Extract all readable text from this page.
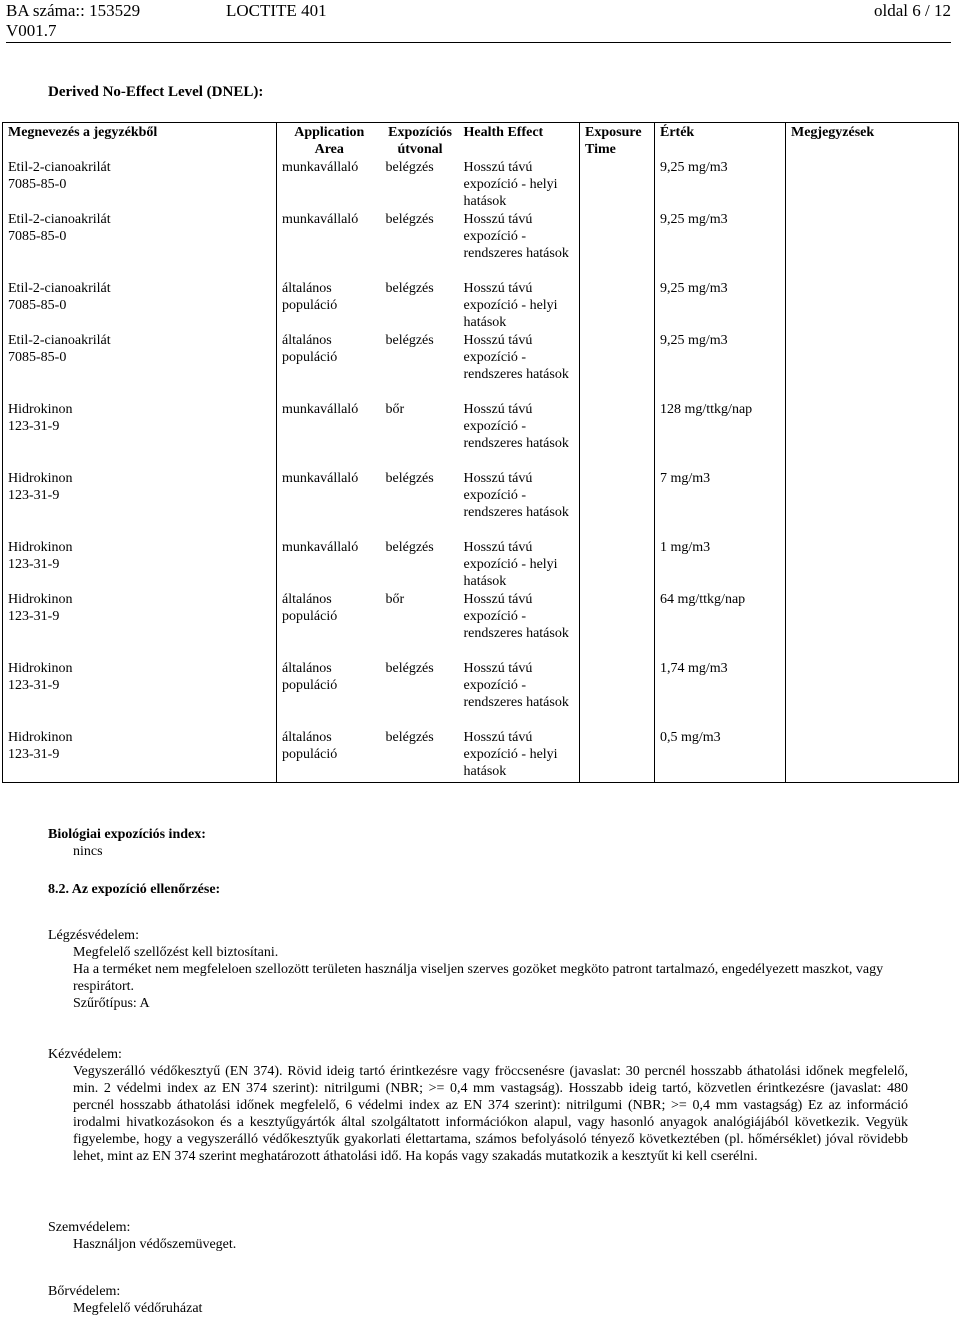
BA száma:: 153529	LOCTITE 401	oldal 6 / 12
V001.7
Derived No-Effect Level (DNEL):
Megnevezés a jegyzékből	Application Area	Expozíciós útvonal	Health Effect	Exposure Time	Érték	Megjegyzések

Etil-2-cianoakrilát
7085-85-0	munkavállaló	belégzés	Hosszú távú expozíció - helyi hatások		9,25 mg/m3	

Etil-2-cianoakrilát
7085-85-0	munkavállaló	belégzés	Hosszú távú expozíció - rendszeres hatások		9,25 mg/m3	

Etil-2-cianoakrilát
7085-85-0	általános populáció	belégzés	Hosszú távú expozíció - helyi hatások		9,25 mg/m3	

Etil-2-cianoakrilát
7085-85-0	általános populáció	belégzés	Hosszú távú expozíció - rendszeres hatások		9,25 mg/m3	

Hidrokinon
123-31-9	munkavállaló	bőr	Hosszú távú expozíció - rendszeres hatások		128 mg/ttkg/nap	

Hidrokinon
123-31-9	munkavállaló	belégzés	Hosszú távú expozíció - rendszeres hatások		7 mg/m3	

Hidrokinon
123-31-9	munkavállaló	belégzés	Hosszú távú expozíció - helyi hatások		1 mg/m3	

Hidrokinon
123-31-9	általános populáció	bőr	Hosszú távú expozíció - rendszeres hatások		64 mg/ttkg/nap	

Hidrokinon
123-31-9	általános populáció	belégzés	Hosszú távú expozíció - rendszeres hatások		1,74 mg/m3	

Hidrokinon
123-31-9	általános populáció	belégzés	Hosszú távú expozíció - helyi hatások		0,5 mg/m3	
Biológiai expozíciós index:
nincs
8.2. Az expozíció ellenőrzése:
Légzésvédelem:
Megfelelő szellőzést kell biztosítani.
Ha a terméket nem megfeleloen szellozött területen használja viseljen szerves gozöket megköto patront tartalmazó, engedélyezett maszkot, vagy respirátort.
Szűrőtípus: A
Kézvédelem:
Vegyszerálló védőkesztyű (EN 374). Rövid ideig tartó érintkezésre vagy fröccsenésre (javaslat: 30 percnél hosszabb áthatolási időnek megfelelő, min. 2 védelmi index az EN 374 szerint): nitrilgumi (NBR; >= 0,4 mm vastagság). Hosszabb ideig tartó, közvetlen érintkezésre (javaslat: 480 percnél hosszabb áthatolási időnek megfelelő, 6 védelmi index az EN 374 szerint): nitrilgumi (NBR; >= 0,4 mm vastagság) Ez az információ irodalmi hivatkozásokon és a kesztyűgyártók által szolgáltatott információkon alapul, vagy hasonló anyagok analógiájából következik. Vegyük figyelembe, hogy a vegyszerálló védőkesztyűk gyakorlati élettartama, számos befolyásoló tényező következtében (pl. hőmérséklet) jóval rövidebb lehet, mint az EN 374 szerint meghatározott áthatolási idő. Ha kopás vagy szakadás mutatkozik a kesztyűt ki kell cserélni.
Szemvédelem:
Használjon védőszemüveget.
Bőrvédelem:
Megfelelő védőruházat
